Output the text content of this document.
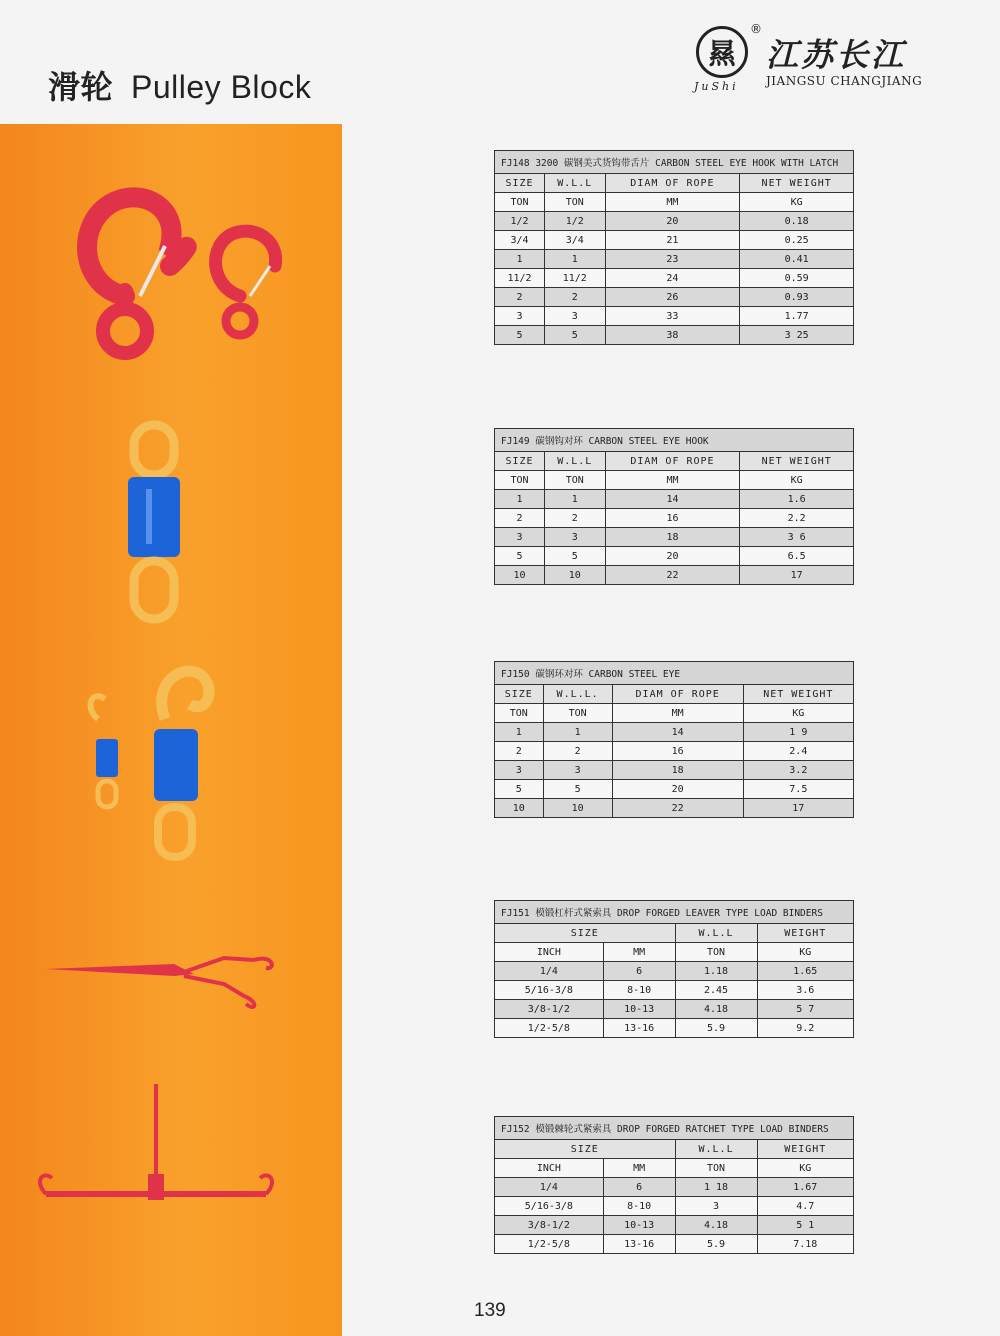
滑轮 Pulley Block
㬎
®
JuShi
江苏长江
JIANGSU CHANGJIANG
FJ148 3200 碳钢美式货钩带舌片 CARBON STEEL EYE HOOK WITH LATCH			
SIZE	W.L.L	DIAM OF ROPE	NET WEIGHT
TON	TON	MM	KG
1/2	1/2	20	0.18
3/4	3/4	21	0.25
1	1	23	0.41
11/2	11/2	24	0.59
2	2	26	0.93
3	3	33	1.77
5	5	38	3 25
FJ149 碳钢钩对环 CARBON STEEL EYE HOOK			
SIZE	W.L.L	DIAM OF ROPE	NET WEIGHT
TON	TON	MM	KG
1	1	14	1.6
2	2	16	2.2
3	3	18	3 6
5	5	20	6.5
10	10	22	17
FJ150 碳钢环对环 CARBON STEEL EYE			
SIZE	W.L.L.	DIAM OF ROPE	NET WEIGHT
TON	TON	MM	KG
1	1	14	1 9
2	2	16	2.4
3	3	18	3.2
5	5	20	7.5
10	10	22	17
FJ151 模锻杠杆式紧索具 DROP FORGED LEAVER TYPE LOAD BINDERS			
SIZE		W.L.L	WEIGHT
INCH	MM	TON	KG
1/4	6	1.18	1.65
5/16-3/8	8-10	2.45	3.6
3/8-1/2	10-13	4.18	5 7
1/2-5/8	13-16	5.9	9.2
FJ152 模锻棘轮式紧索具 DROP FORGED RATCHET TYPE LOAD BINDERS			
SIZE		W.L.L	WEIGHT
INCH	MM	TON	KG
1/4	6	1 18	1.67
5/16-3/8	8-10	3	4.7
3/8-1/2	10-13	4.18	5 1
1/2-5/8	13-16	5.9	7.18
139
